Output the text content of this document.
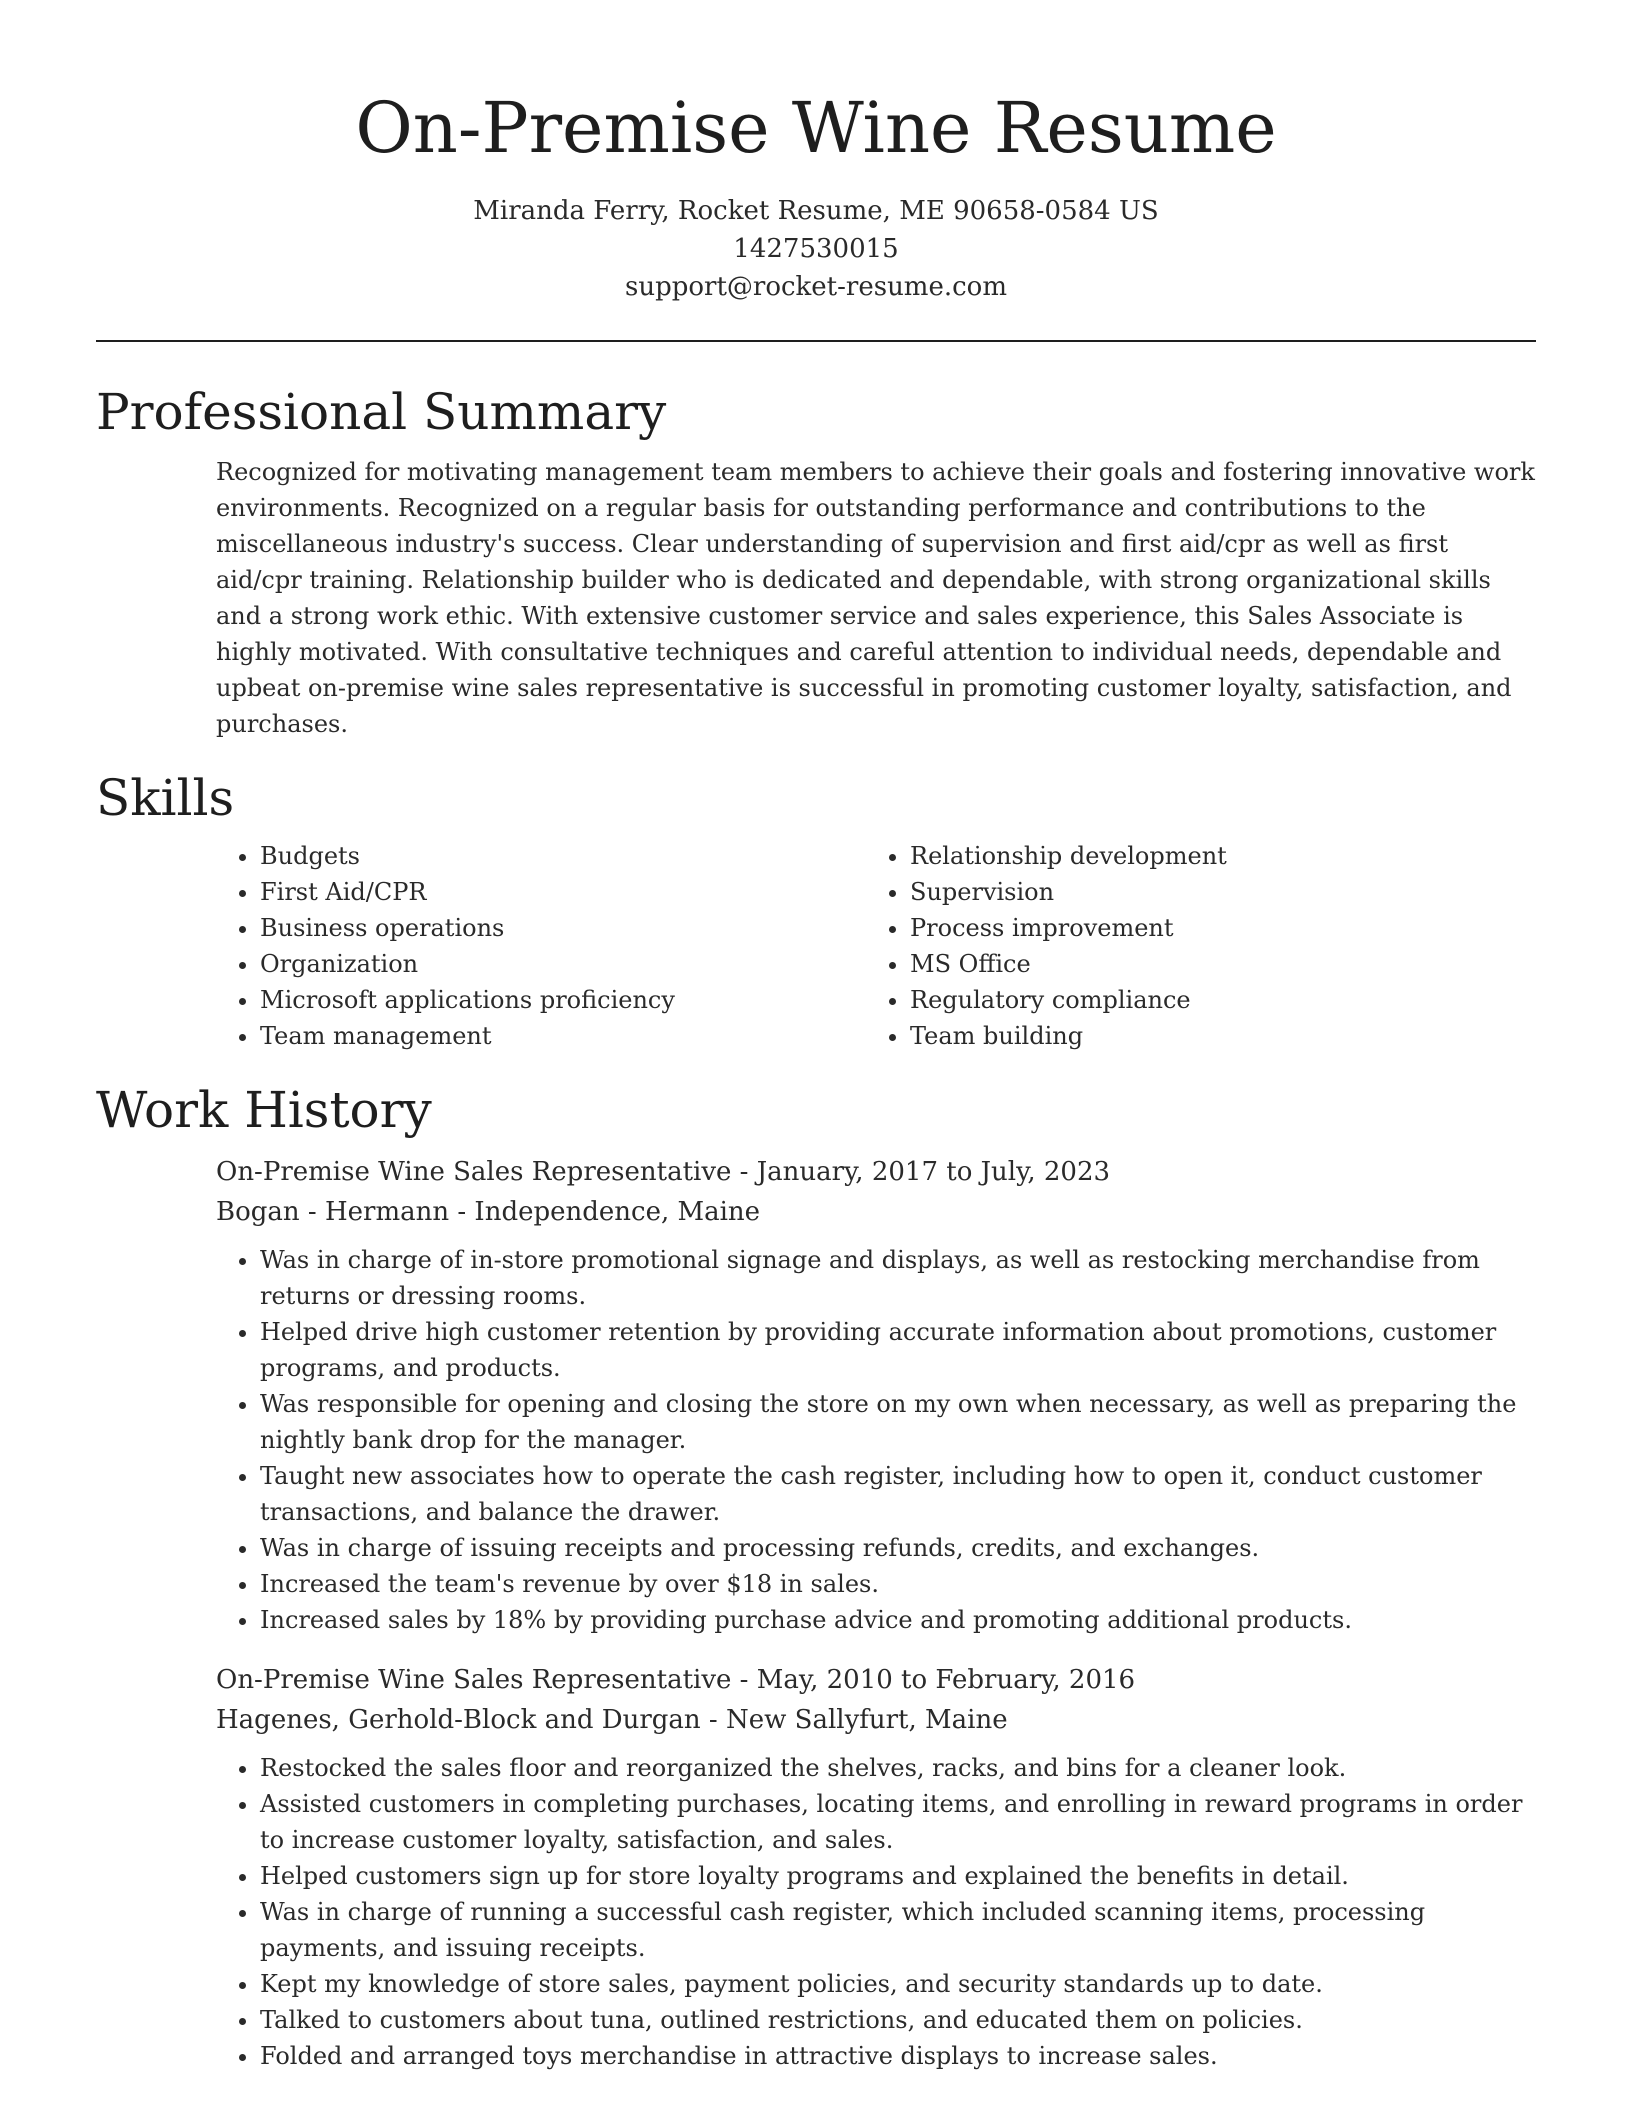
On-Premise Wine Resume
Miranda Ferry, Rocket Resume, ME 90658-0584 US
1427530015
support@rocket-resume.com
Professional Summary

Recognized for motivating management team members to achieve their goals and fostering innovative work environments. Recognized on a regular basis for outstanding performance and contributions to the miscellaneous industry's success. Clear understanding of supervision and first aid/cpr as well as first aid/cpr training. Relationship builder who is dedicated and dependable, with strong organizational skills and a strong work ethic. With extensive customer service and sales experience, this Sales Associate is highly motivated. With consultative techniques and careful attention to individual needs, dependable and upbeat on-premise wine sales representative is successful in promoting customer loyalty, satisfaction, and purchases.

Skills
• Budgets
• First Aid/CPR
• Business operations
• Organization
• Microsoft applications proficiency
• Team management
• Relationship development
• Supervision
• Process improvement
• MS Office
• Regulatory compliance
• Team building
Work History
On-Premise Wine Sales Representative - January, 2017 to July, 2023
Bogan - Hermann - Independence, Maine
• Was in charge of in-store promotional signage and displays, as well as restocking merchandise from returns or dressing rooms.
• Helped drive high customer retention by providing accurate information about promotions, customer programs, and products.
• Was responsible for opening and closing the store on my own when necessary, as well as preparing the nightly bank drop for the manager.
• Taught new associates how to operate the cash register, including how to open it, conduct customer transactions, and balance the drawer.
• Was in charge of issuing receipts and processing refunds, credits, and exchanges.
• Increased the team's revenue by over $18 in sales.
• Increased sales by 18% by providing purchase advice and promoting additional products.
On-Premise Wine Sales Representative - May, 2010 to February, 2016
Hagenes, Gerhold-Block and Durgan - New Sallyfurt, Maine
• Restocked the sales floor and reorganized the shelves, racks, and bins for a cleaner look.
• Assisted customers in completing purchases, locating items, and enrolling in reward programs in order to increase customer loyalty, satisfaction, and sales.
• Helped customers sign up for store loyalty programs and explained the benefits in detail.
• Was in charge of running a successful cash register, which included scanning items, processing payments, and issuing receipts.
• Kept my knowledge of store sales, payment policies, and security standards up to date.
• Talked to customers about tuna, outlined restrictions, and educated them on policies.
• Folded and arranged toys merchandise in attractive displays to increase sales.
